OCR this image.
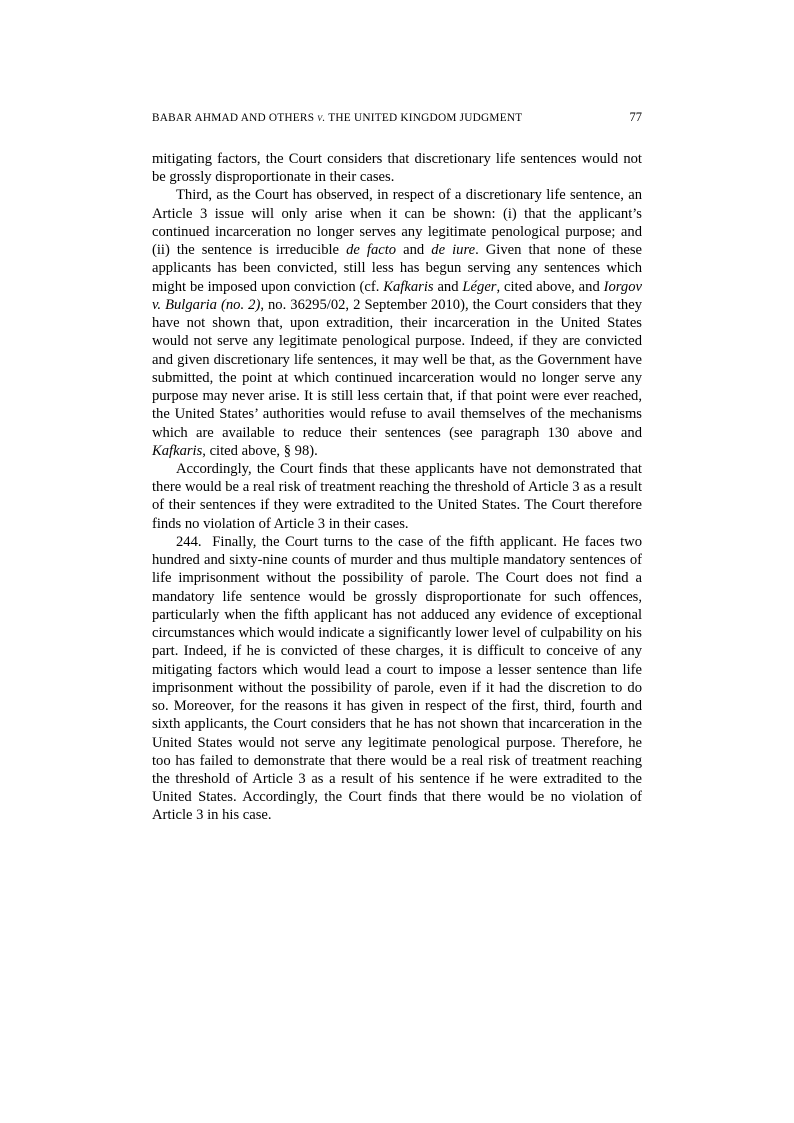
BABAR AHMAD AND OTHERS v. THE UNITED KINGDOM JUDGMENT	77

mitigating factors, the Court considers that discretionary life sentences would not be grossly disproportionate in their cases.

Third, as the Court has observed, in respect of a discretionary life sentence, an Article 3 issue will only arise when it can be shown: (i) that the applicant’s continued incarceration no longer serves any legitimate penological purpose; and (ii) the sentence is irreducible de facto and de iure. Given that none of these applicants has been convicted, still less has begun serving any sentences which might be imposed upon conviction (cf. Kafkaris and Léger, cited above, and Iorgov v. Bulgaria (no. 2), no. 36295/02, 2 September 2010), the Court considers that they have not shown that, upon extradition, their incarceration in the United States would not serve any legitimate penological purpose. Indeed, if they are convicted and given discretionary life sentences, it may well be that, as the Government have submitted, the point at which continued incarceration would no longer serve any purpose may never arise. It is still less certain that, if that point were ever reached, the United States’ authorities would refuse to avail themselves of the mechanisms which are available to reduce their sentences (see paragraph 130 above and Kafkaris, cited above, § 98).

Accordingly, the Court finds that these applicants have not demonstrated that there would be a real risk of treatment reaching the threshold of Article 3 as a result of their sentences if they were extradited to the United States. The Court therefore finds no violation of Article 3 in their cases.

244.  Finally, the Court turns to the case of the fifth applicant. He faces two hundred and sixty-nine counts of murder and thus multiple mandatory sentences of life imprisonment without the possibility of parole. The Court does not find a mandatory life sentence would be grossly disproportionate for such offences, particularly when the fifth applicant has not adduced any evidence of exceptional circumstances which would indicate a significantly lower level of culpability on his part. Indeed, if he is convicted of these charges, it is difficult to conceive of any mitigating factors which would lead a court to impose a lesser sentence than life imprisonment without the possibility of parole, even if it had the discretion to do so. Moreover, for the reasons it has given in respect of the first, third, fourth and sixth applicants, the Court considers that he has not shown that incarceration in the United States would not serve any legitimate penological purpose. Therefore, he too has failed to demonstrate that there would be a real risk of treatment reaching the threshold of Article 3 as a result of his sentence if he were extradited to the United States. Accordingly, the Court finds that there would be no violation of Article 3 in his case.
